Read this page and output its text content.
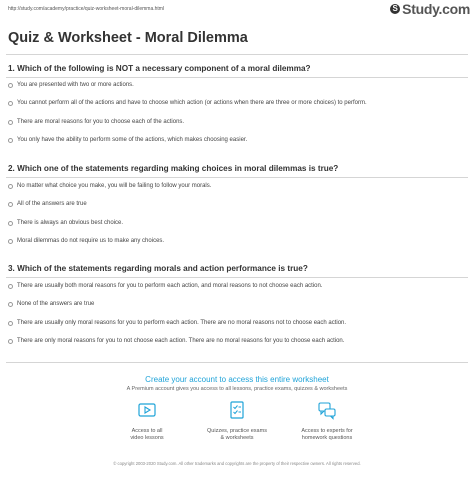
http://study.com/academy/practice/quiz-worksheet-moral-dilemma.html	S Study.com
Quiz & Worksheet - Moral Dilemma
1. Which of the following is NOT a necessary component of a moral dilemma?
You are presented with two or more actions.
You cannot perform all of the actions and have to choose which action (or actions when there are three or more choices) to perform.
There are moral reasons for you to choose each of the actions.
You only have the ability to perform some of the actions, which makes choosing easier.
2. Which one of the statements regarding making choices in moral dilemmas is true?
No matter what choice you make, you will be failing to follow your morals.
All of the answers are true
There is always an obvious best choice.
Moral dilemmas do not require us to make any choices.
3. Which of the statements regarding morals and action performance is true?
There are usually both moral reasons for you to perform each action, and moral reasons to not choose each action.
None of the answers are true
There are usually only moral reasons for you to perform each action. There are no moral reasons not to choose each action.
There are only moral reasons for you to not choose each action. There are no moral reasons for you to choose each action.
Create your account to access this entire worksheet
A Premium account gives you access to all lessons, practice exams, quizzes & worksheets
Access to all
video lessons
Quizzes, practice exams
& worksheets
Access to experts for
homework questions
© copyright 2003-2020 Study.com. All other trademarks and copyrights are the property of their respective owners. All rights reserved.
